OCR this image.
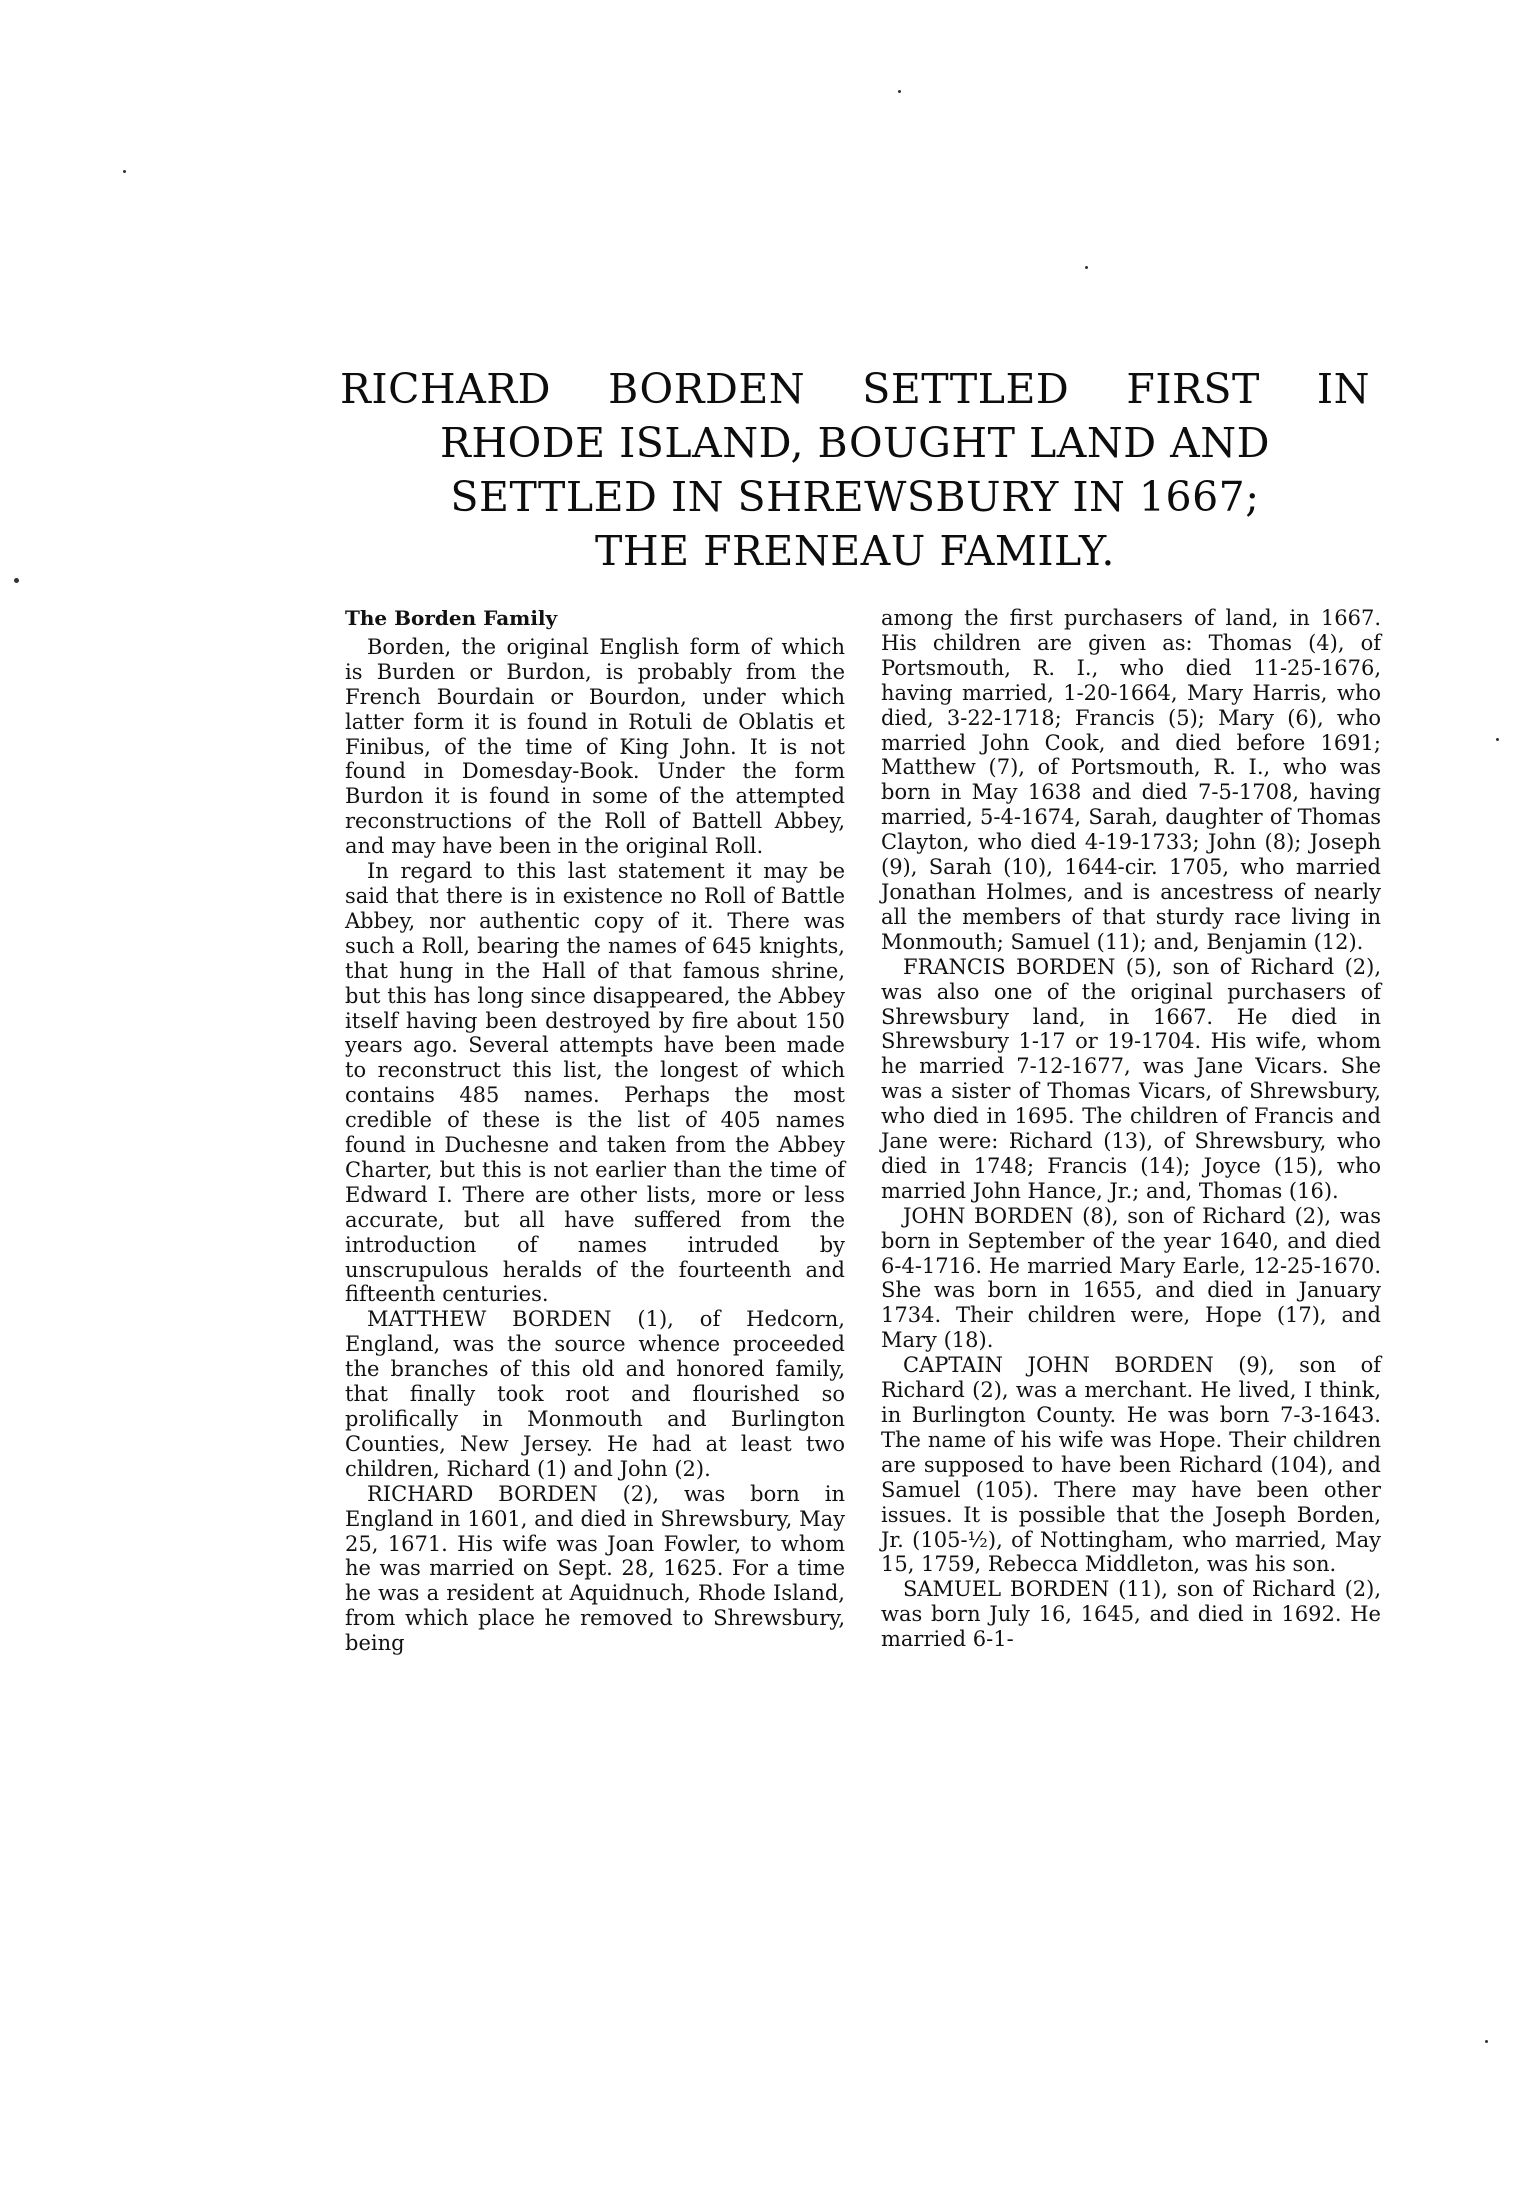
RICHARD BORDEN SETTLED FIRST IN
RHODE ISLAND, BOUGHT LAND AND
SETTLED IN SHREWSBURY IN 1667;
THE FRENEAU FAMILY.

The Borden Family

Borden, the original English form of which is Burden or Burdon, is probably from the French Bourdain or Bourdon, under which latter form it is found in Rotuli de Oblatis et Finibus, of the time of King John. It is not found in Domesday-Book. Under the form Burdon it is found in some of the attempted reconstructions of the Roll of Battell Abbey, and may have been in the original Roll.

In regard to this last statement it may be said that there is in existence no Roll of Battle Abbey, nor authentic copy of it. There was such a Roll, bearing the names of 645 knights, that hung in the Hall of that famous shrine, but this has long since disappeared, the Abbey itself having been destroyed by fire about 150 years ago. Several attempts have been made to reconstruct this list, the longest of which contains 485 names. Perhaps the most credible of these is the list of 405 names found in Duchesne and taken from the Abbey Charter, but this is not earlier than the time of Edward I. There are other lists, more or less accurate, but all have suffered from the introduction of names intruded by unscrupulous heralds of the fourteenth and fifteenth centuries.

MATTHEW BORDEN (1), of Hedcorn, England, was the source whence proceeded the branches of this old and honored family, that finally took root and flourished so prolifically in Monmouth and Burlington Counties, New Jersey. He had at least two children, Richard (1) and John (2).

RICHARD BORDEN (2), was born in England in 1601, and died in Shrewsbury, May 25, 1671. His wife was Joan Fowler, to whom he was married on Sept. 28, 1625. For a time he was a resident at Aquidnuch, Rhode Island, from which place he removed to Shrewsbury, being

among the first purchasers of land, in 1667. His children are given as: Thomas (4), of Portsmouth, R. I., who died 11-25-1676, having married, 1-20-1664, Mary Harris, who died, 3-22-1718; Francis (5); Mary (6), who married John Cook, and died before 1691; Matthew (7), of Portsmouth, R. I., who was born in May 1638 and died 7-5-1708, having married, 5-4-1674, Sarah, daughter of Thomas Clayton, who died 4-19-1733; John (8); Joseph (9), Sarah (10), 1644-cir. 1705, who married Jonathan Holmes, and is ancestress of nearly all the members of that sturdy race living in Monmouth; Samuel (11); and, Benjamin (12).

FRANCIS BORDEN (5), son of Richard (2), was also one of the original purchasers of Shrewsbury land, in 1667. He died in Shrewsbury 1-17 or 19-1704. His wife, whom he married 7-12-1677, was Jane Vicars. She was a sister of Thomas Vicars, of Shrewsbury, who died in 1695. The children of Francis and Jane were: Richard (13), of Shrewsbury, who died in 1748; Francis (14); Joyce (15), who married John Hance, Jr.; and, Thomas (16).

JOHN BORDEN (8), son of Richard (2), was born in September of the year 1640, and died 6-4-1716. He married Mary Earle, 12-25-1670. She was born in 1655, and died in January 1734. Their children were, Hope (17), and Mary (18).

CAPTAIN JOHN BORDEN (9), son of Richard (2), was a merchant. He lived, I think, in Burlington County. He was born 7-3-1643. The name of his wife was Hope. Their children are supposed to have been Richard (104), and Samuel (105). There may have been other issues. It is possible that the Joseph Borden, Jr. (105-½), of Nottingham, who married, May 15, 1759, Rebecca Middleton, was his son.

SAMUEL BORDEN (11), son of Richard (2), was born July 16, 1645, and died in 1692. He married 6-1-
